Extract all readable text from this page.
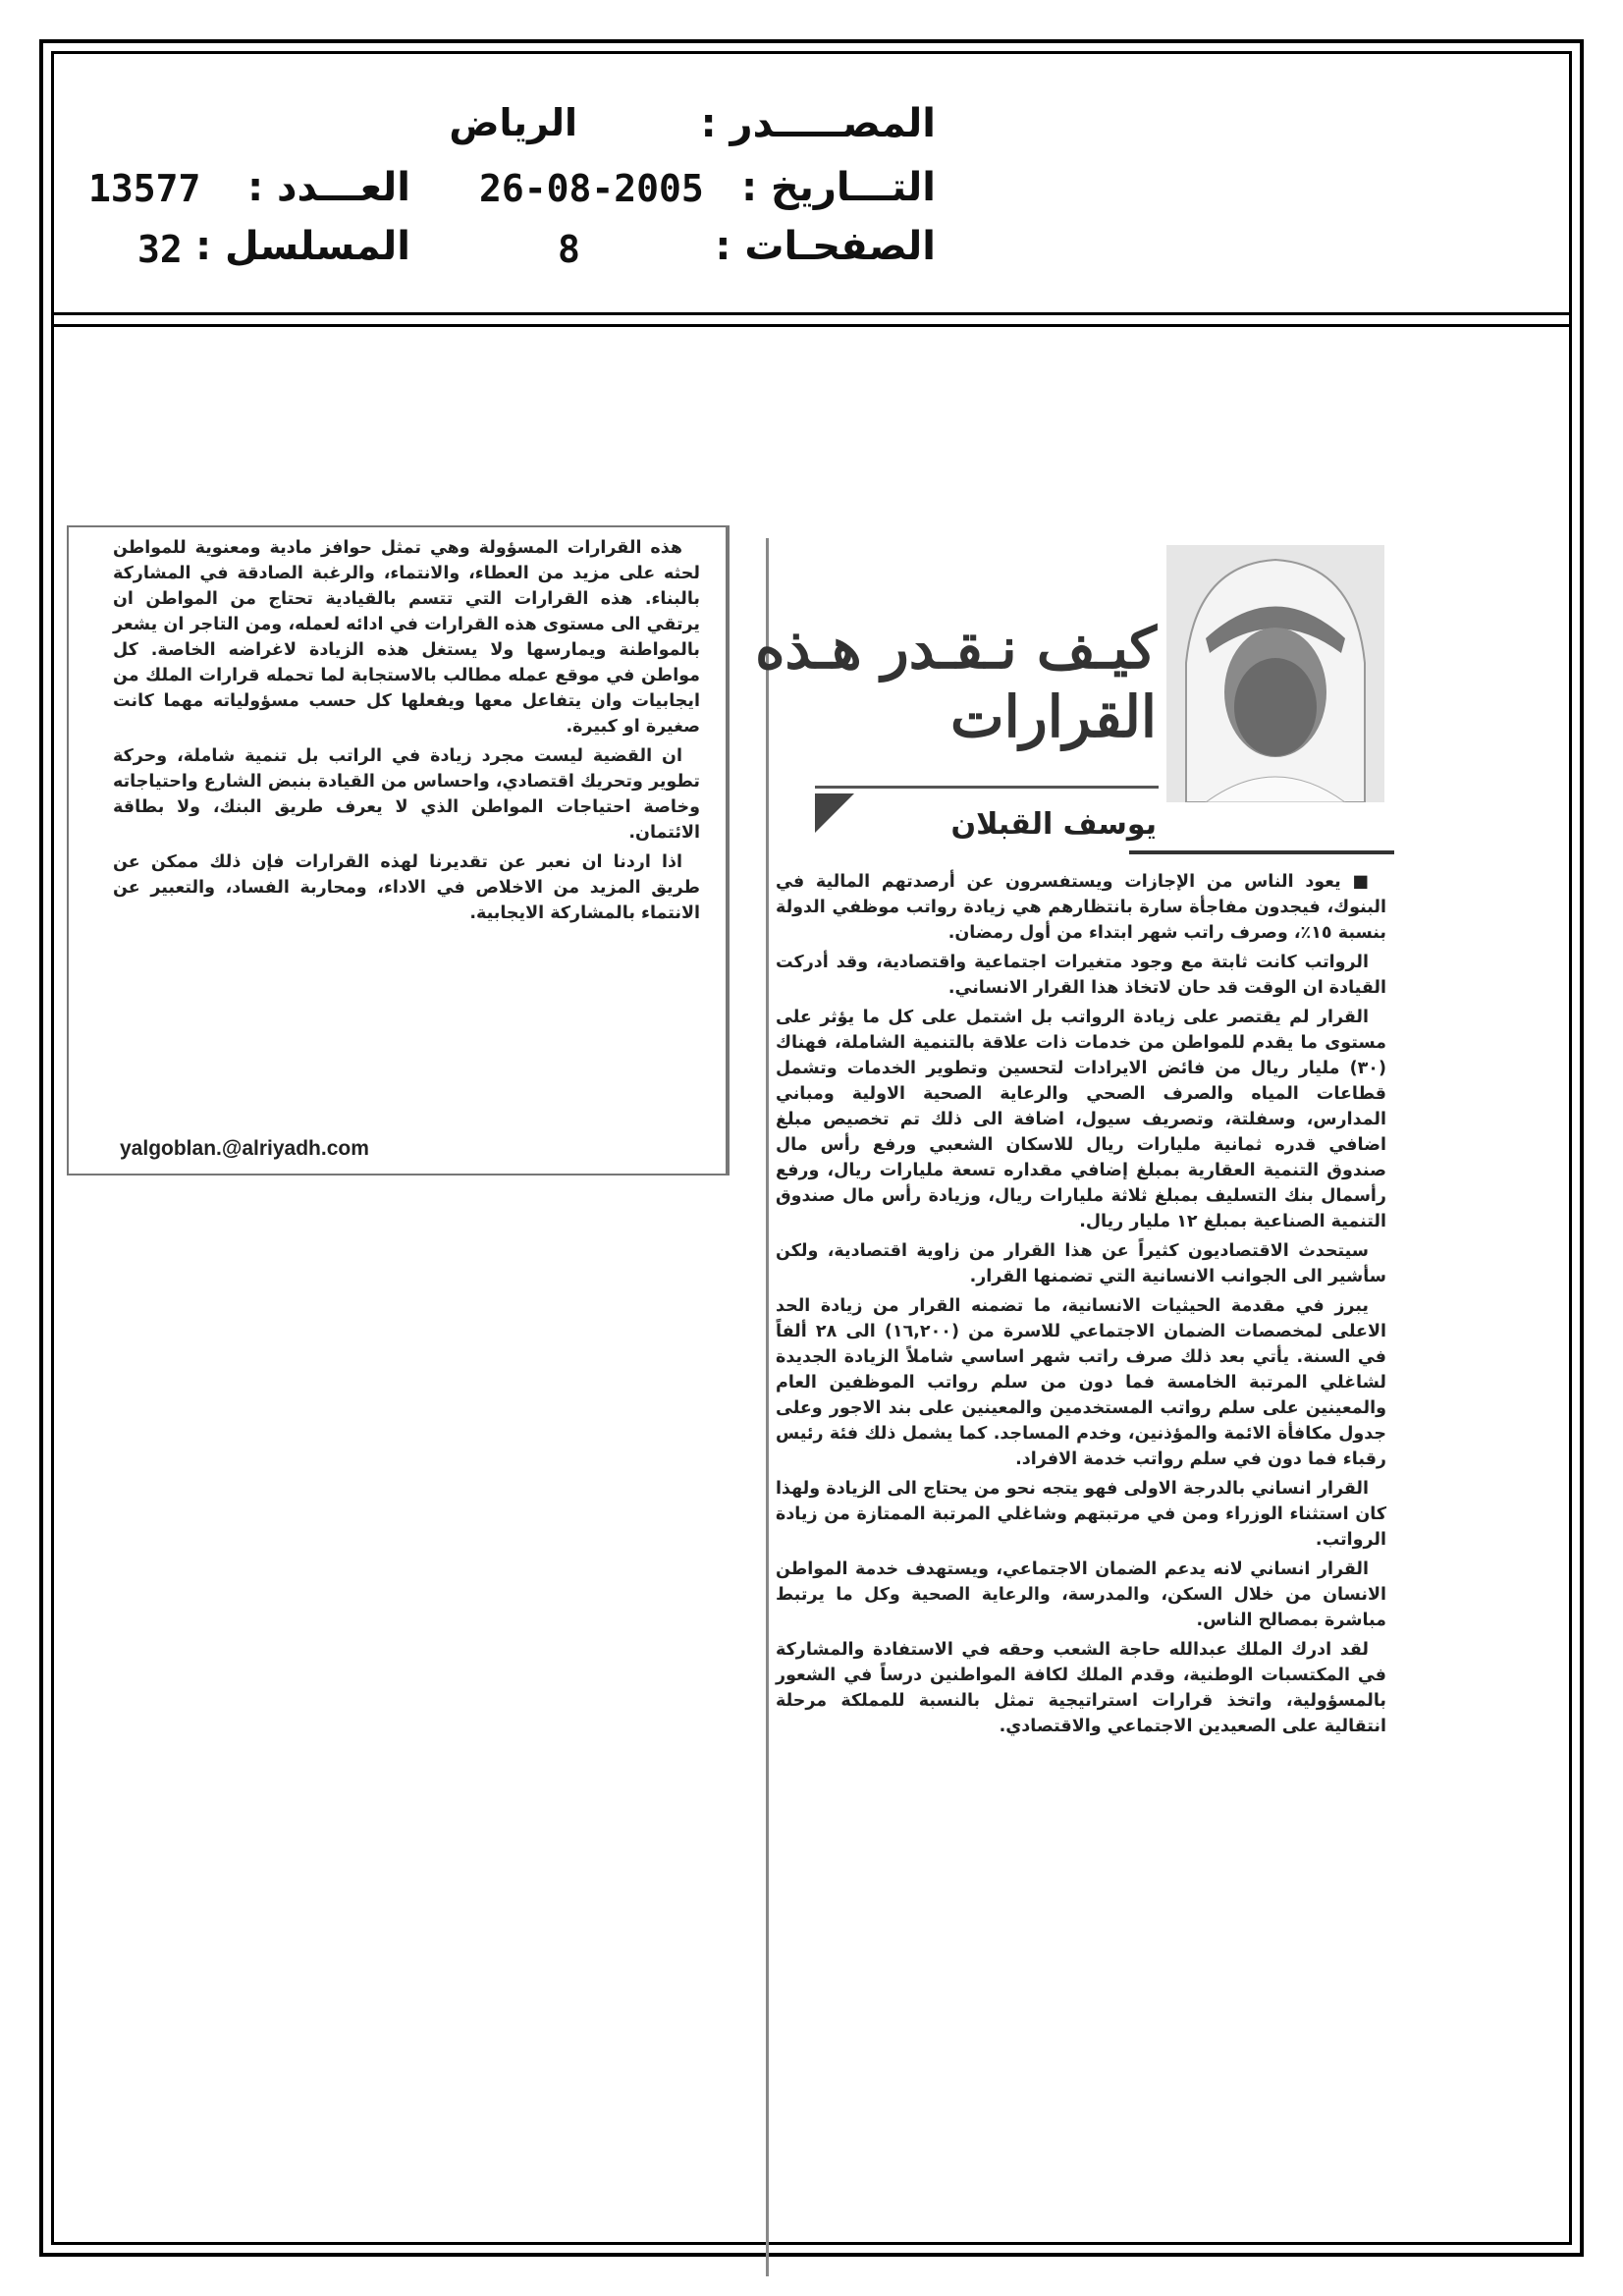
المصـــــدر :
الرياض
التـــاريخ :
26-08-2005
العـــدد :
13577
الصفحـات :
8
المسلسل :
32
كيـف نـقـدر هـذه
القرارات
يوسف القبلان

■ يعود الناس من الإجازات ويستفسرون عن أرصدتهم المالية في البنوك، فيجدون مفاجأة سارة بانتظارهم هي زيادة رواتب موظفي الدولة بنسبة ١٥٪، وصرف راتب شهر ابتداء من أول رمضان.

الرواتب كانت ثابتة مع وجود متغيرات اجتماعية واقتصادية، وقد أدركت القيادة ان الوقت قد حان لاتخاذ هذا القرار الانساني.

القرار لم يقتصر على زيادة الرواتب بل اشتمل على كل ما يؤثر على مستوى ما يقدم للمواطن من خدمات ذات علاقة بالتنمية الشاملة، فهناك (٣٠) مليار ريال من فائض الايرادات لتحسين وتطوير الخدمات وتشمل قطاعات المياه والصرف الصحي والرعاية الصحية الاولية ومباني المدارس، وسفلتة، وتصريف سيول، اضافة الى ذلك تم تخصيص مبلغ اضافي قدره ثمانية مليارات ريال للاسكان الشعبي ورفع رأس مال صندوق التنمية العقارية بمبلغ إضافي مقداره تسعة مليارات ريال، ورفع رأسمال بنك التسليف بمبلغ ثلاثة مليارات ريال، وزيادة رأس مال صندوق التنمية الصناعية بمبلغ ١٢ مليار ريال.

سيتحدث الاقتصاديون كثيراً عن هذا القرار من زاوية اقتصادية، ولكن سأشير الى الجوانب الانسانية التي تضمنها القرار.

يبرز في مقدمة الحيثيات الانسانية، ما تضمنه القرار من زيادة الحد الاعلى لمخصصات الضمان الاجتماعي للاسرة من (١٦,٢٠٠) الى ٢٨ ألفاً في السنة. يأتي بعد ذلك صرف راتب شهر اساسي شاملاً الزيادة الجديدة لشاغلي المرتبة الخامسة فما دون من سلم رواتب الموظفين العام والمعينين على سلم رواتب المستخدمين والمعينين على بند الاجور وعلى جدول مكافأة الائمة والمؤذنين، وخدم المساجد. كما يشمل ذلك فئة رئيس رقباء فما دون في سلم رواتب خدمة الافراد.

القرار انساني بالدرجة الاولى فهو يتجه نحو من يحتاج الى الزيادة ولهذا كان استثناء الوزراء ومن في مرتبتهم وشاغلي المرتبة الممتازة من زيادة الرواتب.

القرار انساني لانه يدعم الضمان الاجتماعي، ويستهدف خدمة المواطن الانسان من خلال السكن، والمدرسة، والرعاية الصحية وكل ما يرتبط مباشرة بمصالح الناس.

لقد ادرك الملك عبدالله حاجة الشعب وحقه في الاستفادة والمشاركة في المكتسبات الوطنية، وقدم الملك لكافة المواطنين درساً في الشعور بالمسؤولية، واتخذ قرارات استراتيجية تمثل بالنسبة للمملكة مرحلة انتقالية على الصعيدين الاجتماعي والاقتصادي.

هذه القرارات المسؤولة وهي تمثل حوافز مادية ومعنوية للمواطن لحثه على مزيد من العطاء، والانتماء، والرغبة الصادقة في المشاركة بالبناء. هذه القرارات التي تتسم بالقيادية تحتاج من المواطن ان يرتقي الى مستوى هذه القرارات في ادائه لعمله، ومن التاجر ان يشعر بالمواطنة ويمارسها ولا يستغل هذه الزيادة لاغراضه الخاصة. كل مواطن في موقع عمله مطالب بالاستجابة لما تحمله قرارات الملك من ايجابيات وان يتفاعل معها ويفعلها كل حسب مسؤولياته مهما كانت صغيرة او كبيرة.

ان القضية ليست مجرد زيادة في الراتب بل تنمية شاملة، وحركة تطوير وتحريك اقتصادي، واحساس من القيادة بنبض الشارع واحتياجاته وخاصة احتياجات المواطن الذي لا يعرف طريق البنك، ولا بطاقة الائتمان.

اذا اردنا ان نعبر عن تقديرنا لهذه القرارات فإن ذلك ممكن عن طريق المزيد من الاخلاص في الاداء، ومحاربة الفساد، والتعبير عن الانتماء بالمشاركة الايجابية.

yalgoblan.@alriyadh.com
